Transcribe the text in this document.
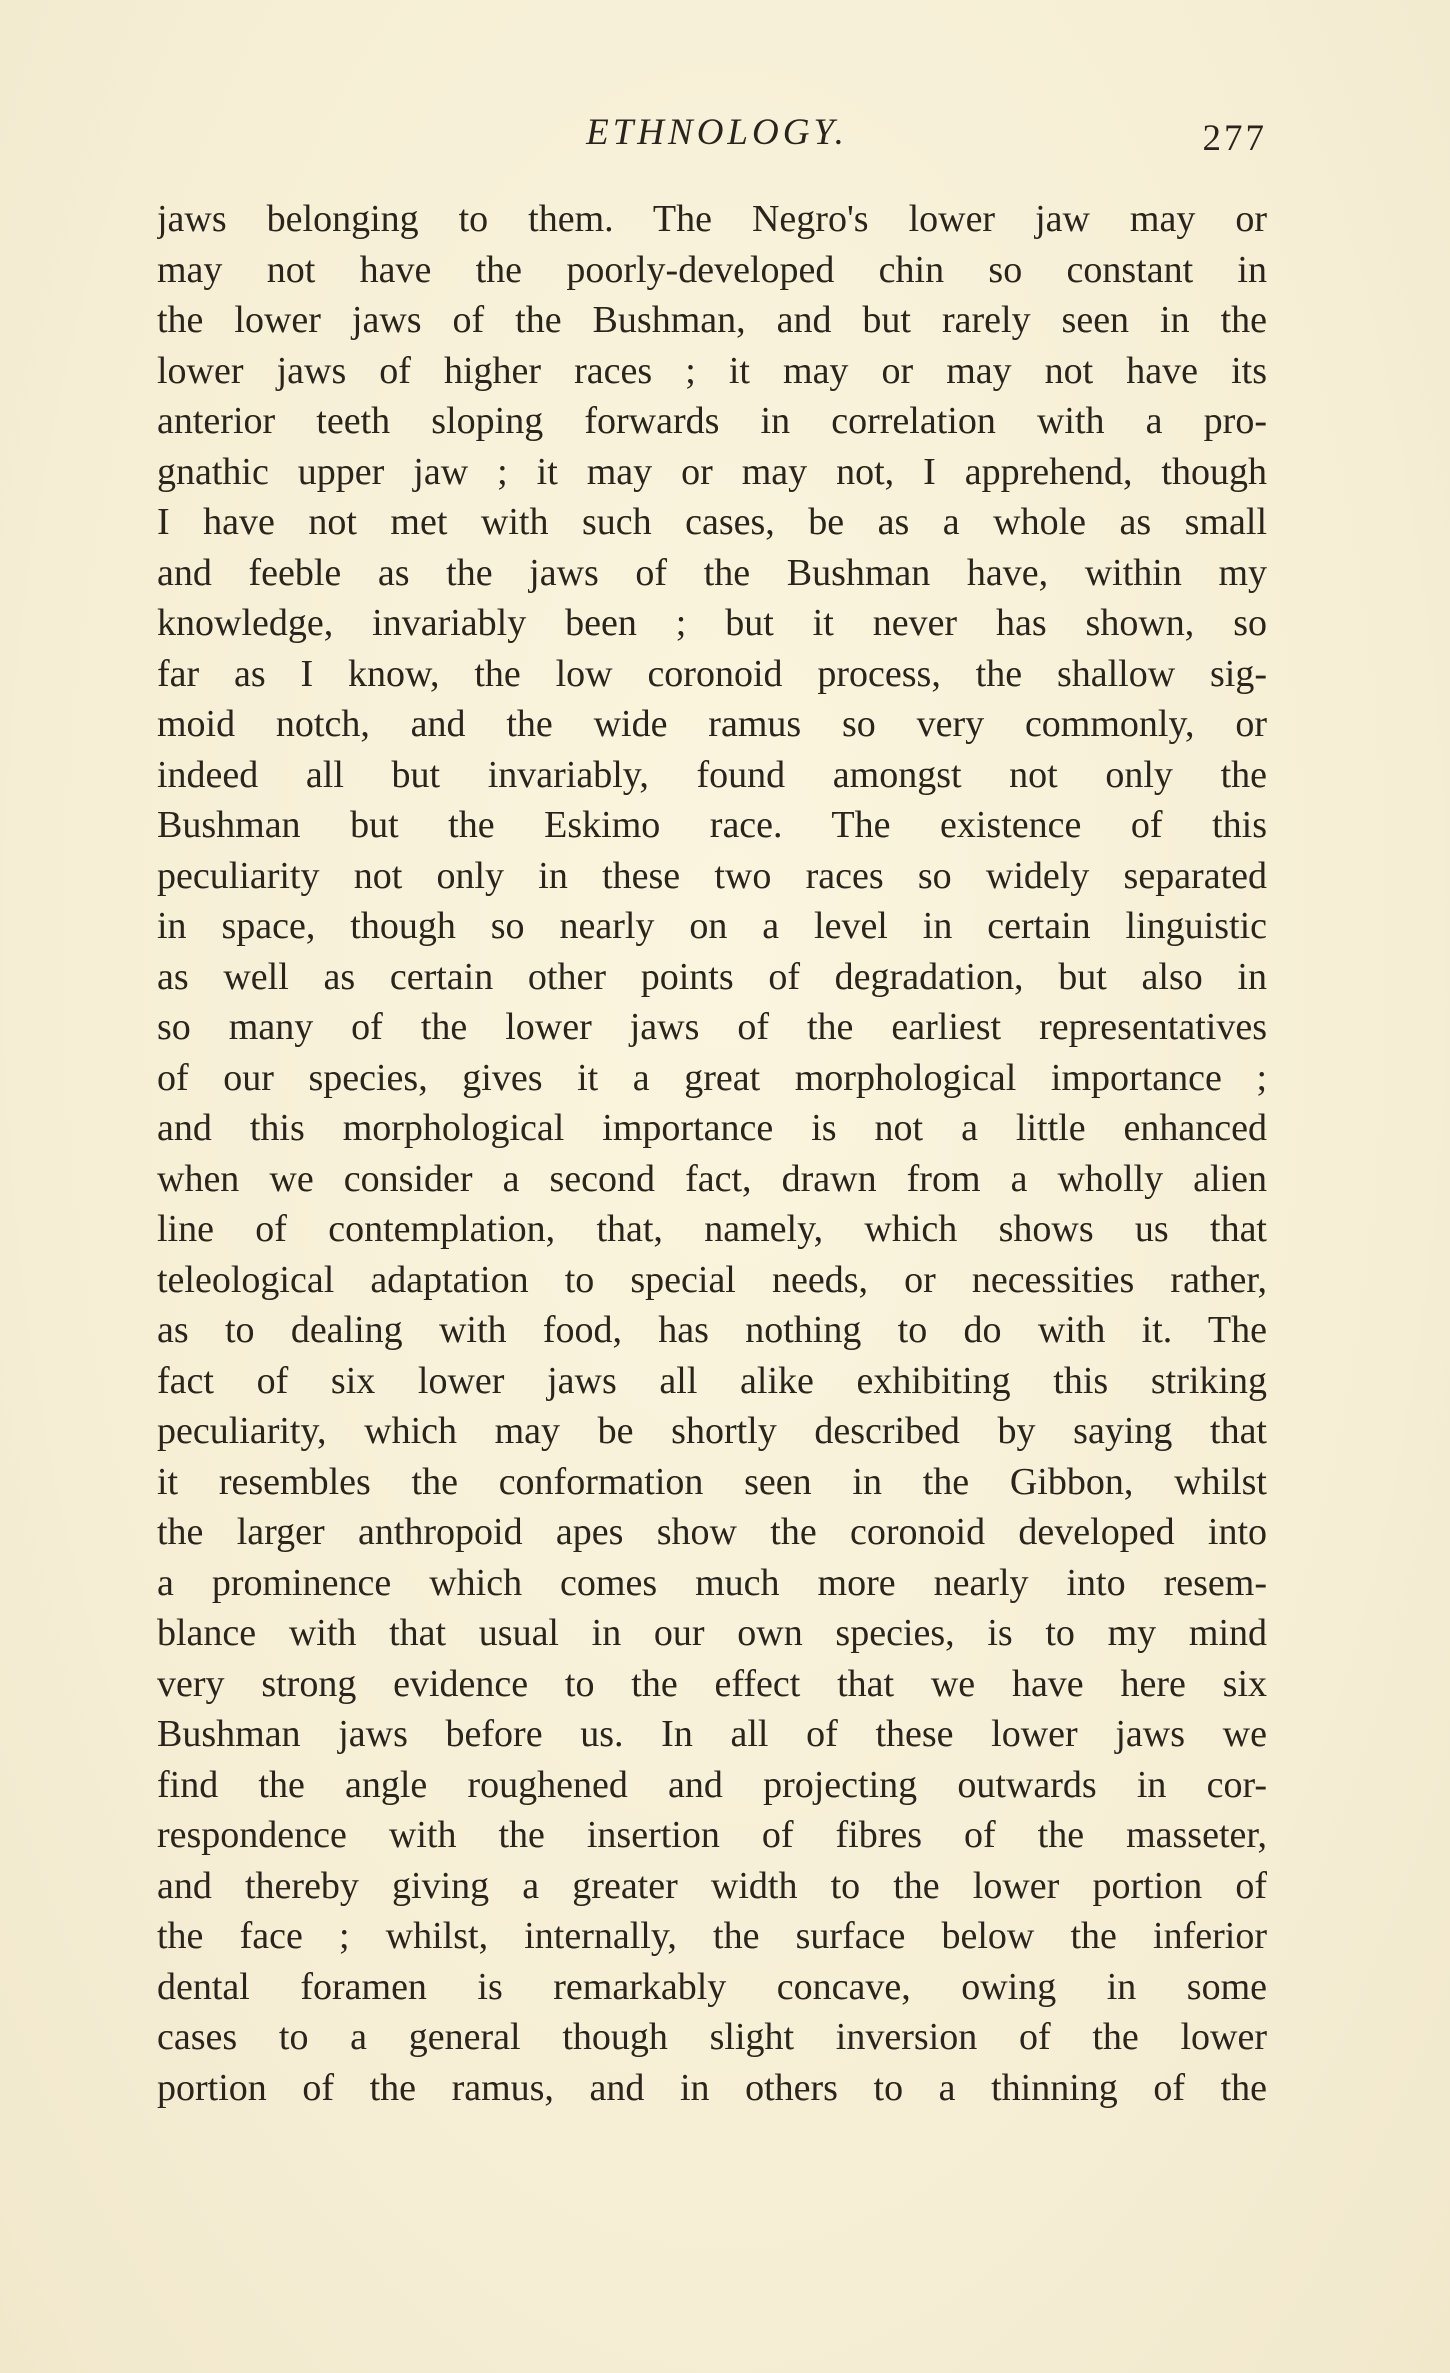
ETHNOLOGY.	277
jaws belonging to them. The Negro's lower jaw may or
may not have the poorly-developed chin so constant in
the lower jaws of the Bushman, and but rarely seen in the
lower jaws of higher races ; it may or may not have its
anterior teeth sloping forwards in correlation with a pro-
gnathic upper jaw ; it may or may not, I apprehend, though
I have not met with such cases, be as a whole as small
and feeble as the jaws of the Bushman have, within my
knowledge, invariably been ; but it never has shown, so
far as I know, the low coronoid process, the shallow sig-
moid notch, and the wide ramus so very commonly, or
indeed all but invariably, found amongst not only the
Bushman but the Eskimo race. The existence of this
peculiarity not only in these two races so widely separated
in space, though so nearly on a level in certain linguistic
as well as certain other points of degradation, but also in
so many of the lower jaws of the earliest representatives
of our species, gives it a great morphological importance ;
and this morphological importance is not a little enhanced
when we consider a second fact, drawn from a wholly alien
line of contemplation, that, namely, which shows us that
teleological adaptation to special needs, or necessities rather,
as to dealing with food, has nothing to do with it. The
fact of six lower jaws all alike exhibiting this striking
peculiarity, which may be shortly described by saying that
it resembles the conformation seen in the Gibbon, whilst
the larger anthropoid apes show the coronoid developed into
a prominence which comes much more nearly into resem-
blance with that usual in our own species, is to my mind
very strong evidence to the effect that we have here six
Bushman jaws before us. In all of these lower jaws we
find the angle roughened and projecting outwards in cor-
respondence with the insertion of fibres of the masseter,
and thereby giving a greater width to the lower portion of
the face ; whilst, internally, the surface below the inferior
dental foramen is remarkably concave, owing in some
cases to a general though slight inversion of the lower
portion of the ramus, and in others to a thinning of the
